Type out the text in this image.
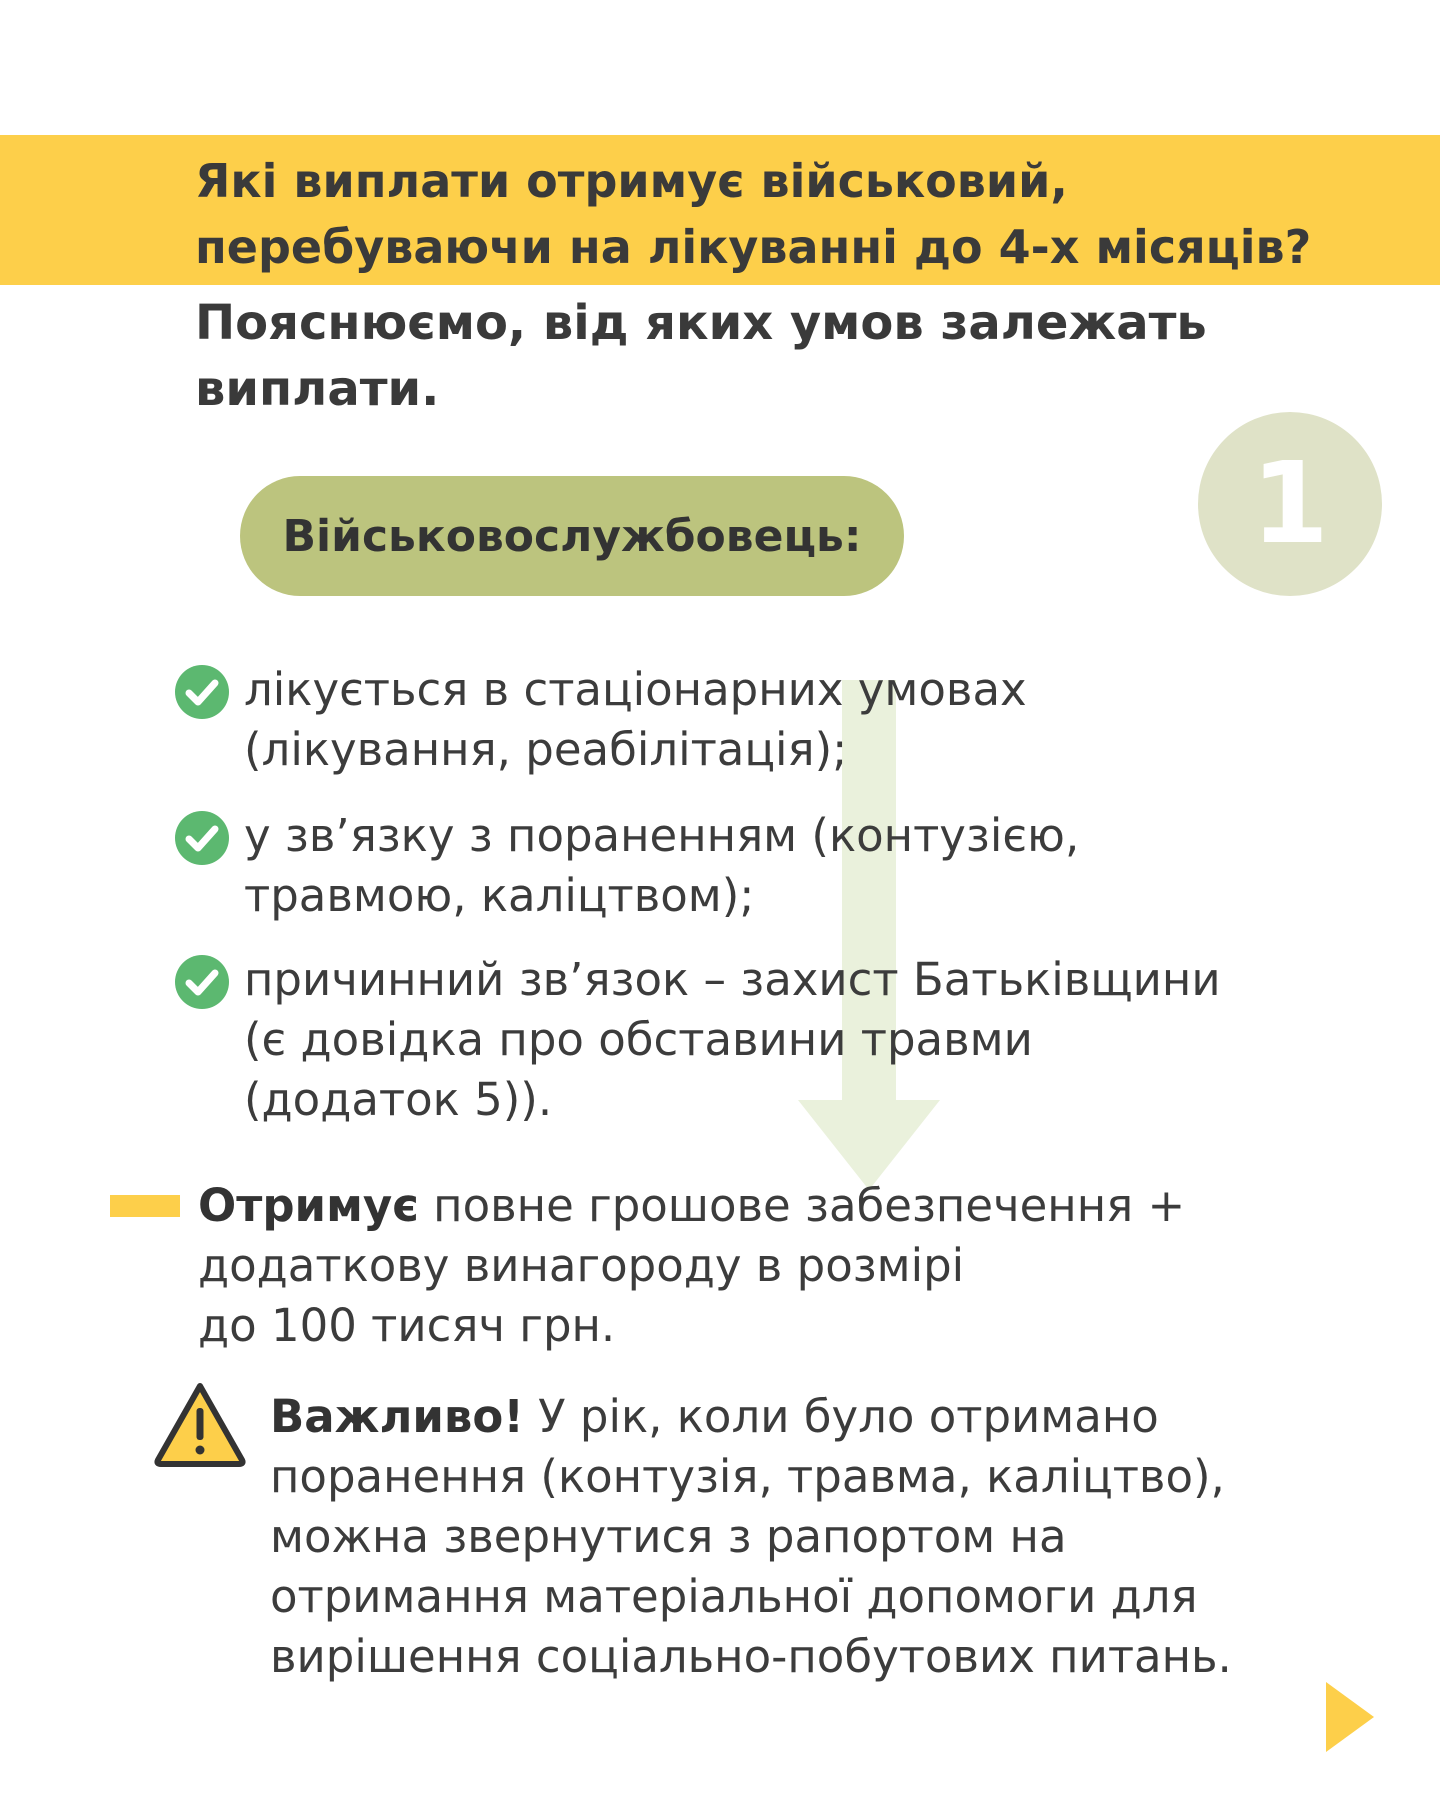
Які виплати отримує військовий,
перебуваючи на лікуванні до 4-х місяців?

Пояснюємо, від яких умов залежать
виплати.

Військовослужбовець:	1

лікується в стаціонарних умовах
(лікування, реабілітація);

у зв’язку з пораненням (контузією,
травмою, каліцтвом);

причинний зв’язок – захист Батьківщини
(є довідка про обставини травми
(додаток 5)).

Отримує повне грошове забезпечення +
додаткову винагороду в розмірі
до 100 тисяч грн.

Важливо! У рік, коли було отримано
поранення (контузія, травма, каліцтво),
можна звернутися з рапортом на
отримання матеріальної допомоги для
вирішення соціально-побутових питань.
